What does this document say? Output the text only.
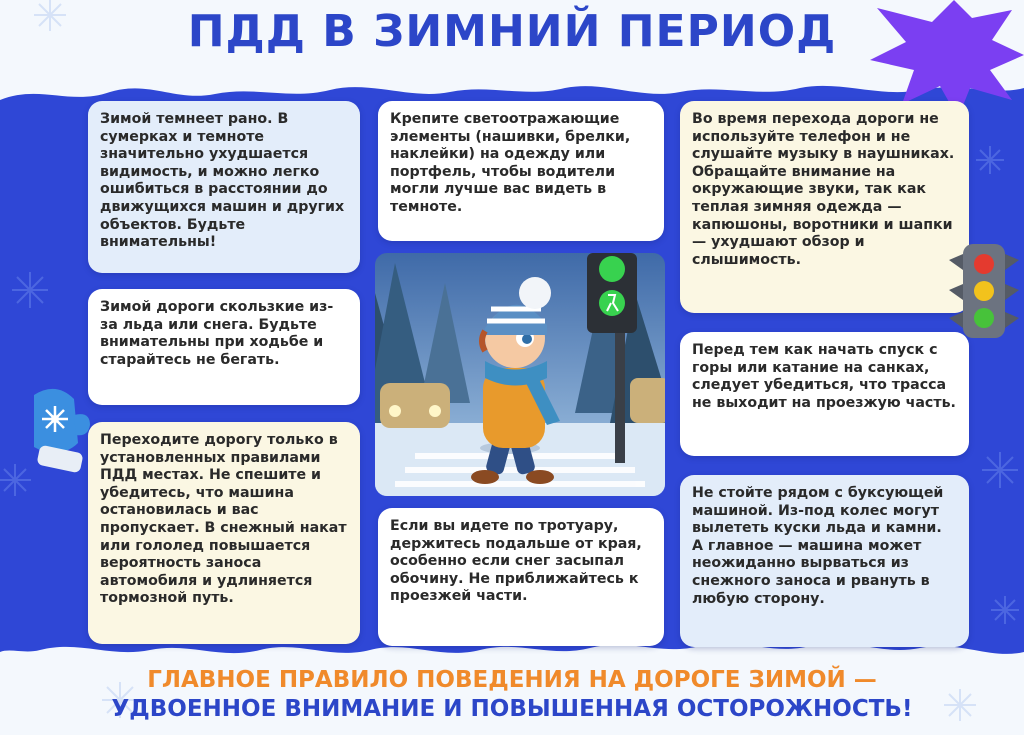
ПДД В ЗИМНИЙ ПЕРИОД
Зимой темнеет рано. В сумерках и темноте значительно ухудшается видимость, и можно легко ошибиться в расстоянии до движущихся машин и других объектов. Будьте внимательны!
Зимой дороги скользкие из-за льда или снега. Будьте внимательны при ходьбе и старайтесь не бегать.
Переходите дорогу только в установленных правилами ПДД местах. Не спешите и убедитесь, что машина остановилась и вас пропускает. В снежный накат или гололед повышается вероятность заноса автомобиля и удлиняется тормозной путь.
Крепите светоотражающие элементы (нашивки, брелки, наклейки) на одежду или портфель, чтобы водители могли лучше вас видеть в темноте.
Если вы идете по тротуару, держитесь подальше от края, особенно если снег засыпал обочину. Не приближайтесь к проезжей части.
Во время перехода дороги не используйте телефон и не слушайте музыку в наушниках. Обращайте внимание на окружающие звуки, так как теплая зимняя одежда — капюшоны, воротники и шапки — ухудшают обзор и слышимость.
Перед тем как начать спуск с горы или катание на санках, следует убедиться, что трасса не выходит на проезжую часть.
Не стойте рядом с буксующей машиной. Из-под колес могут вылететь куски льда и камни. А главное — машина может неожиданно вырваться из снежного заноса и рвануть в любую сторону.

ГЛАВНОЕ ПРАВИЛО ПОВЕДЕНИЯ НА ДОРОГЕ ЗИМОЙ —

УДВОЕННОЕ ВНИМАНИЕ И ПОВЫШЕННАЯ ОСТОРОЖНОСТЬ!
